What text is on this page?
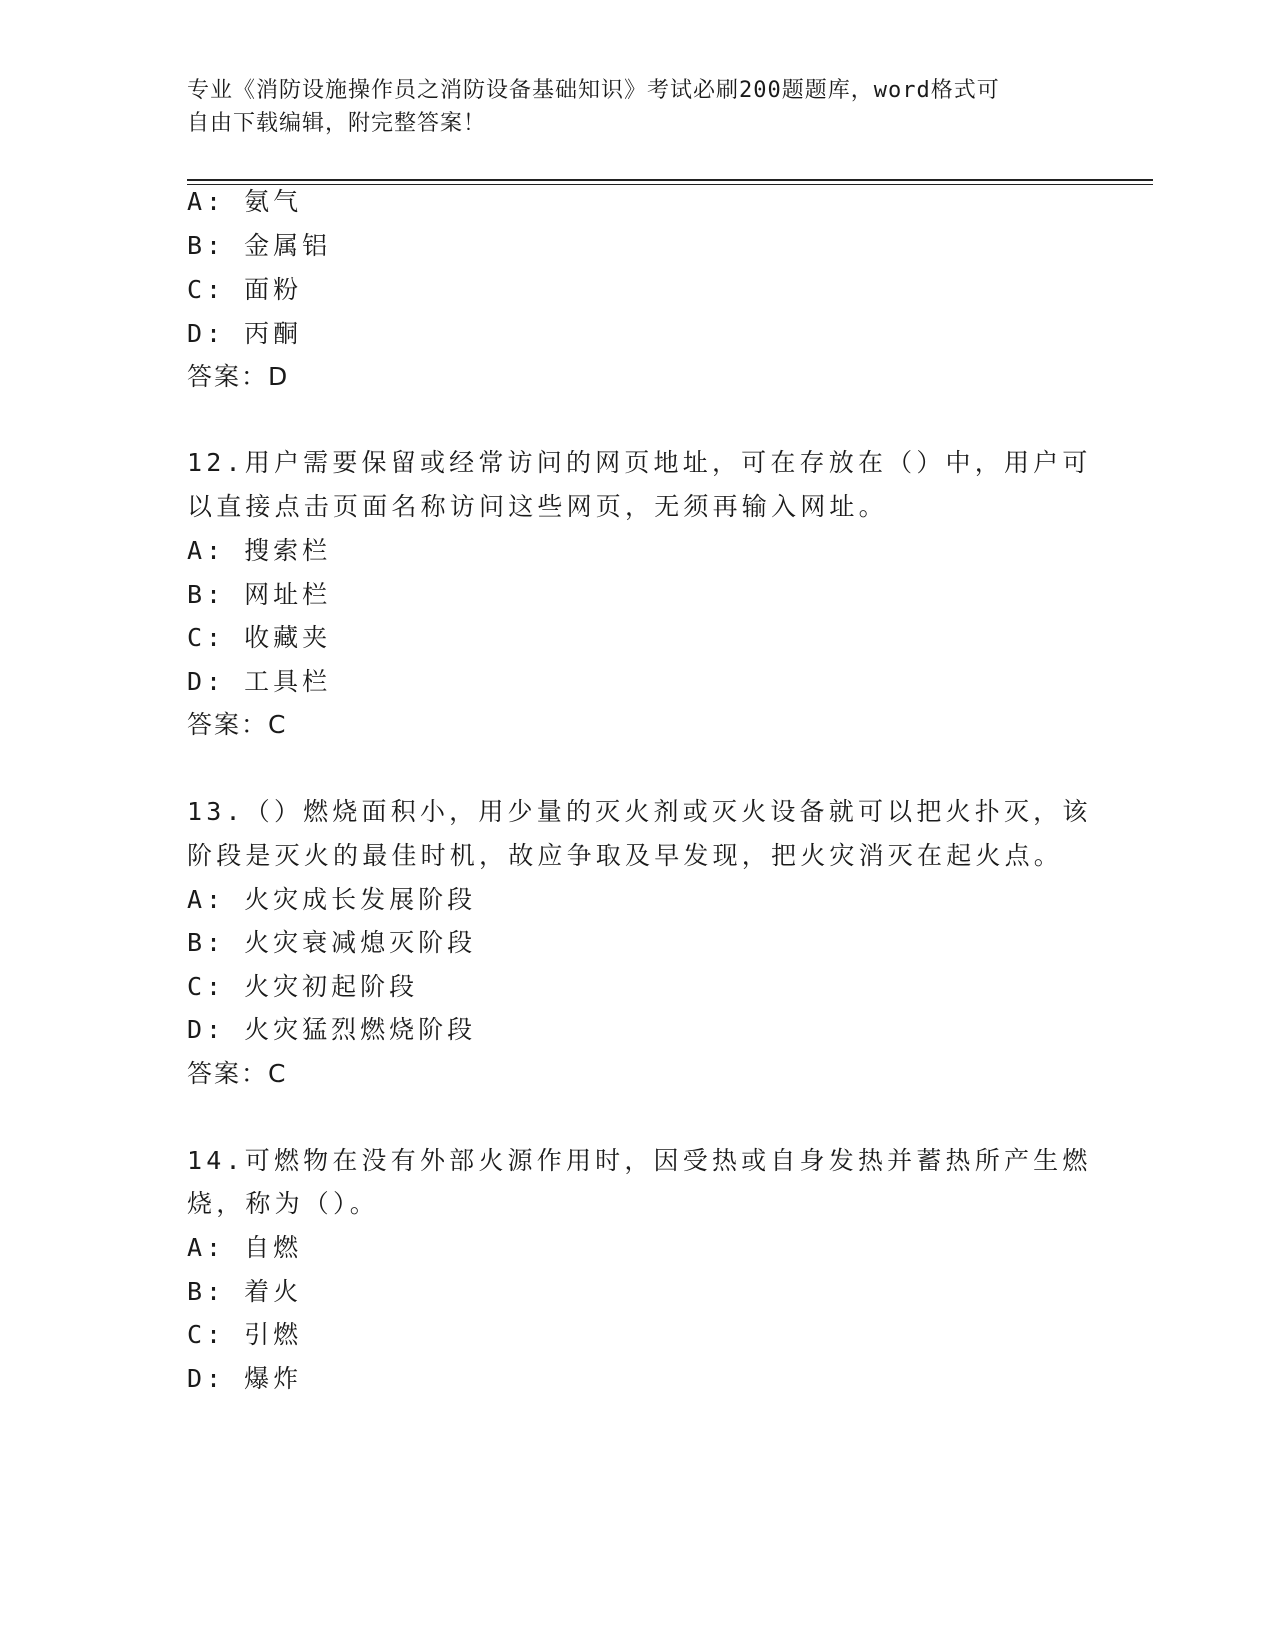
专业《消防设施操作员之消防设备基础知识》考试必刷200题题库，word格式可
自由下载编辑，附完整答案！
A: 氨气
B: 金属铝
C: 面粉
D: 丙酮
答案：D
12.用户需要保留或经常访问的网页地址，可在存放在（）中，用户可
以直接点击页面名称访问这些网页，无须再输入网址。
A: 搜索栏
B: 网址栏
C: 收藏夹
D: 工具栏
答案：C
13.（）燃烧面积小，用少量的灭火剂或灭火设备就可以把火扑灭，该
阶段是灭火的最佳时机，故应争取及早发现，把火灾消灭在起火点。
A: 火灾成长发展阶段
B: 火灾衰减熄灭阶段
C: 火灾初起阶段
D: 火灾猛烈燃烧阶段
答案：C
14.可燃物在没有外部火源作用时，因受热或自身发热并蓄热所产生燃
烧，称为（）。
A: 自燃
B: 着火
C: 引燃
D: 爆炸
